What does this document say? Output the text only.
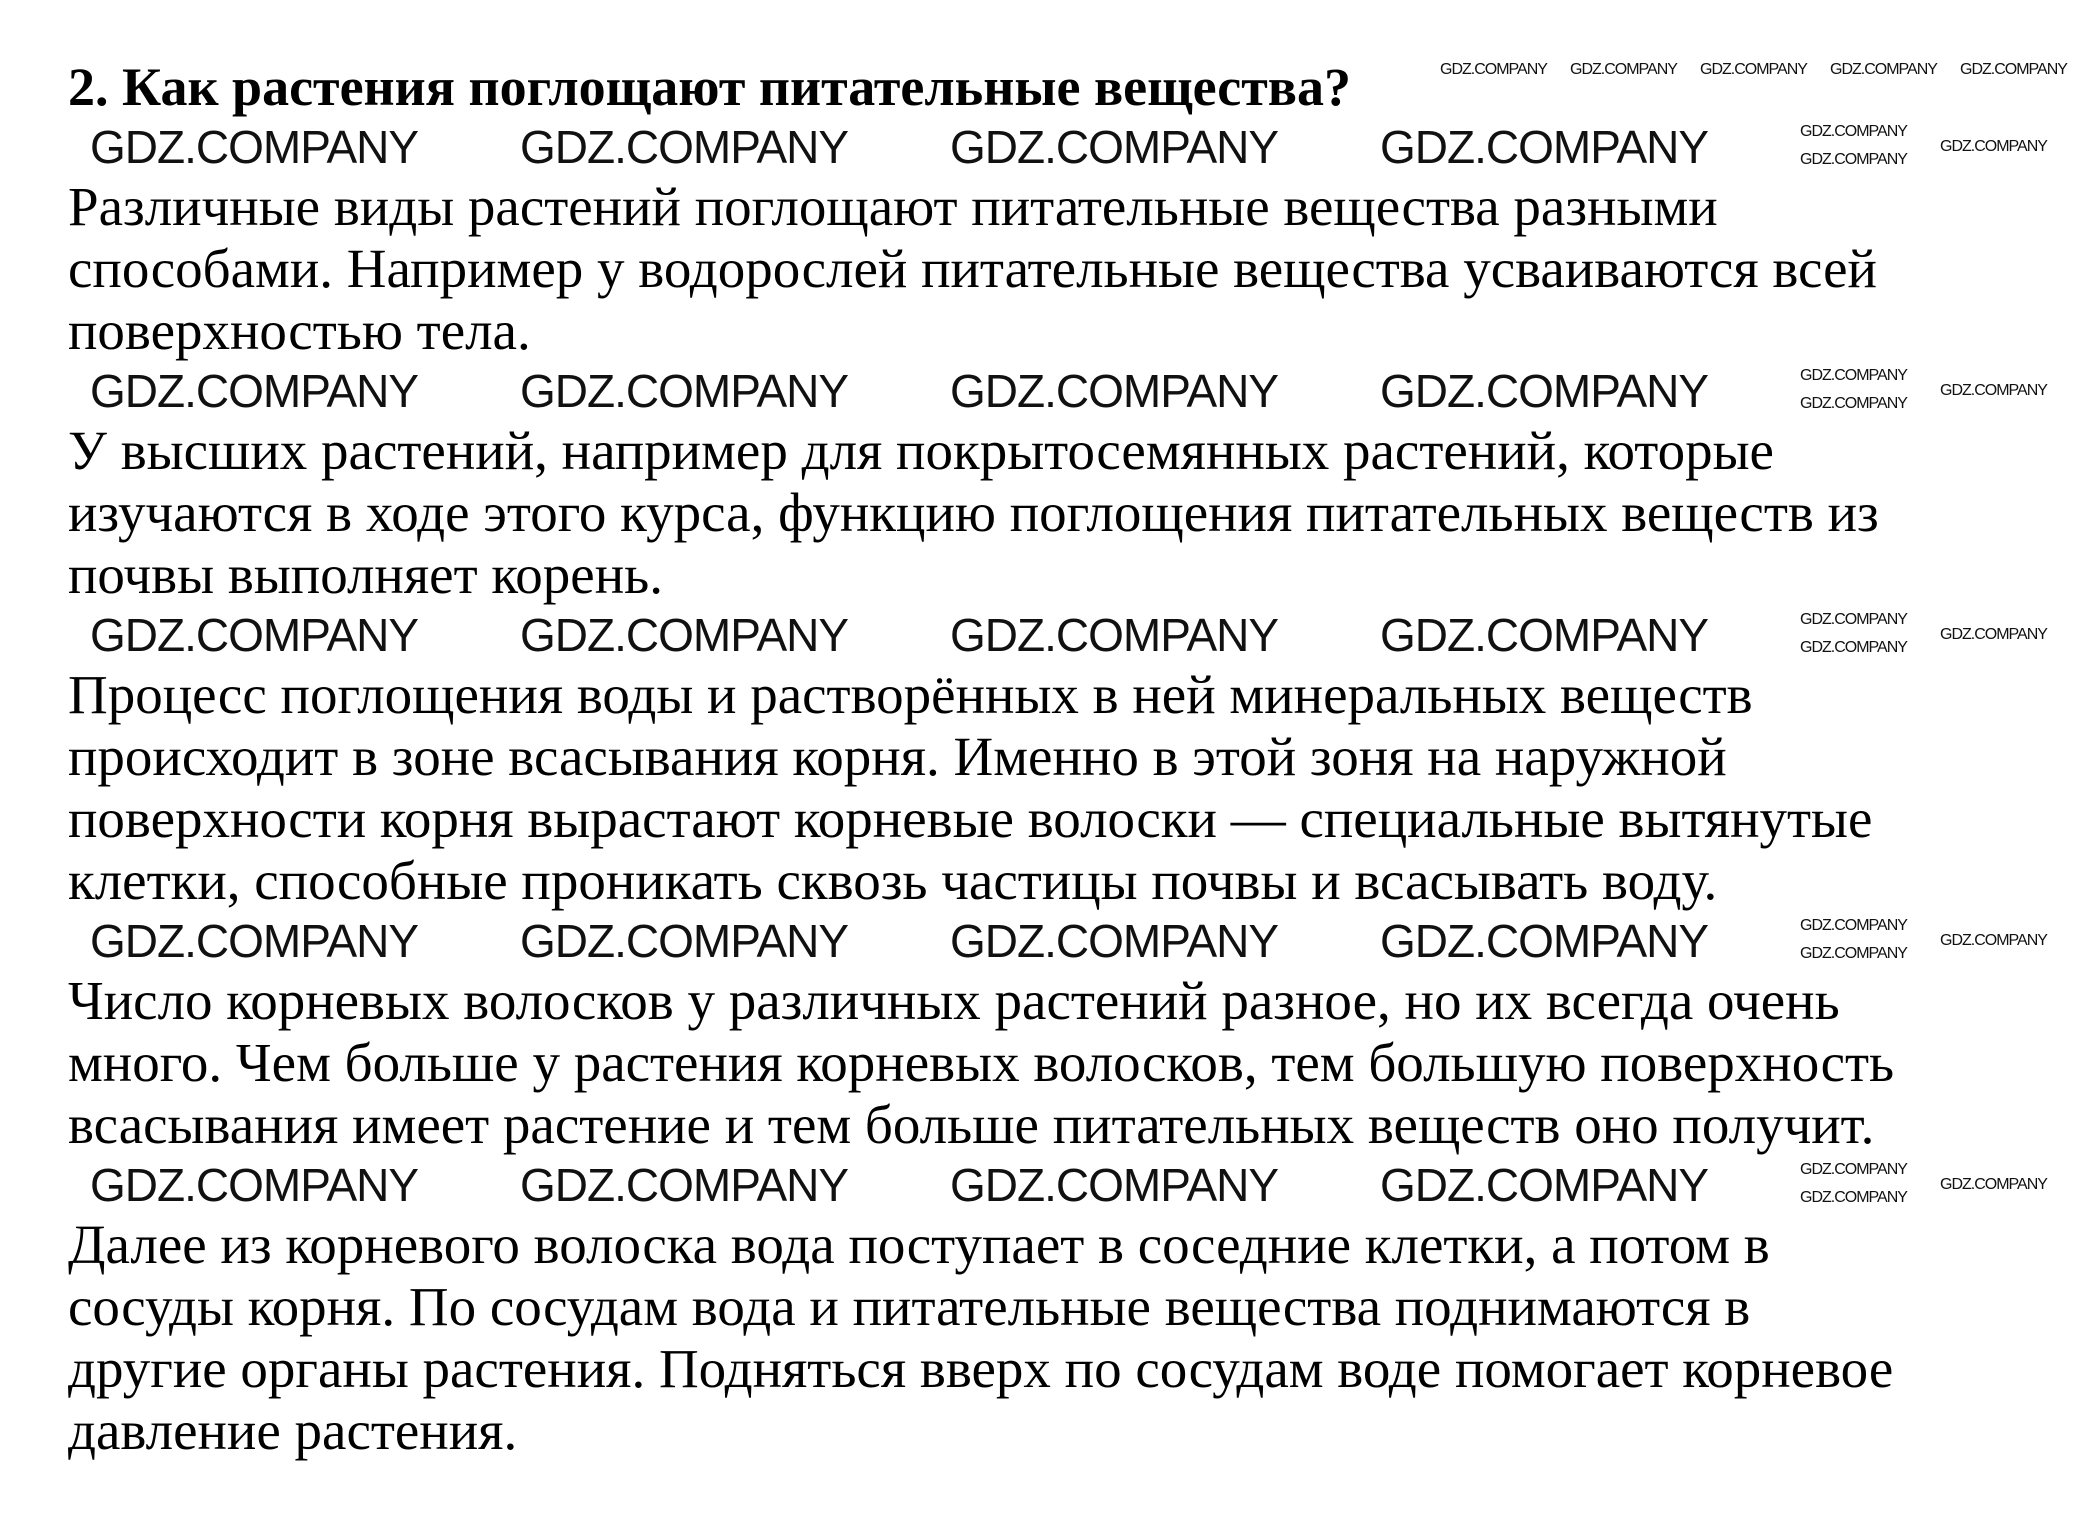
2. Как растения поглощают питательные вещества?
Различные виды растений поглощают питательные вещества разными
способами. Например у водорослей питательные вещества усваиваются всей
поверхностью тела.
У высших растений, например для покрытосемянных растений, которые
изучаются в ходе этого курса, функцию поглощения питательных веществ из
почвы выполняет корень.
Процесс поглощения воды и растворённых в ней минеральных веществ
происходит в зоне всасывания корня. Именно в этой зоня на наружной
поверхности корня вырастают корневые волоски — специальные вытянутые
клетки, способные проникать сквозь частицы почвы и всасывать воду.
Число корневых волосков у различных растений разное, но их всегда очень
много. Чем больше у растения корневых волосков, тем большую поверхность
всасывания имеет растение и тем больше питательных веществ оно получит.
Далее из корневого волоска вода поступает в соседние клетки, а потом в
сосуды корня. По сосудам вода и питательные вещества поднимаются в
другие органы растения. Подняться вверх по сосудам воде помогает корневое
давление растения.
GDZ.COMPANY GDZ.COMPANY GDZ.COMPANY GDZ.COMPANY GDZ.COMPANY
GDZ.COMPANY GDZ.COMPANY GDZ.COMPANY GDZ.COMPANY	GDZ.COMPANY
GDZ.COMPANY
GDZ.COMPANY
GDZ.COMPANY GDZ.COMPANY GDZ.COMPANY GDZ.COMPANY	GDZ.COMPANY
GDZ.COMPANY
GDZ.COMPANY
GDZ.COMPANY GDZ.COMPANY GDZ.COMPANY GDZ.COMPANY	GDZ.COMPANY
GDZ.COMPANY
GDZ.COMPANY
GDZ.COMPANY GDZ.COMPANY GDZ.COMPANY GDZ.COMPANY	GDZ.COMPANY
GDZ.COMPANY
GDZ.COMPANY
GDZ.COMPANY GDZ.COMPANY GDZ.COMPANY GDZ.COMPANY	GDZ.COMPANY
GDZ.COMPANY
GDZ.COMPANY
